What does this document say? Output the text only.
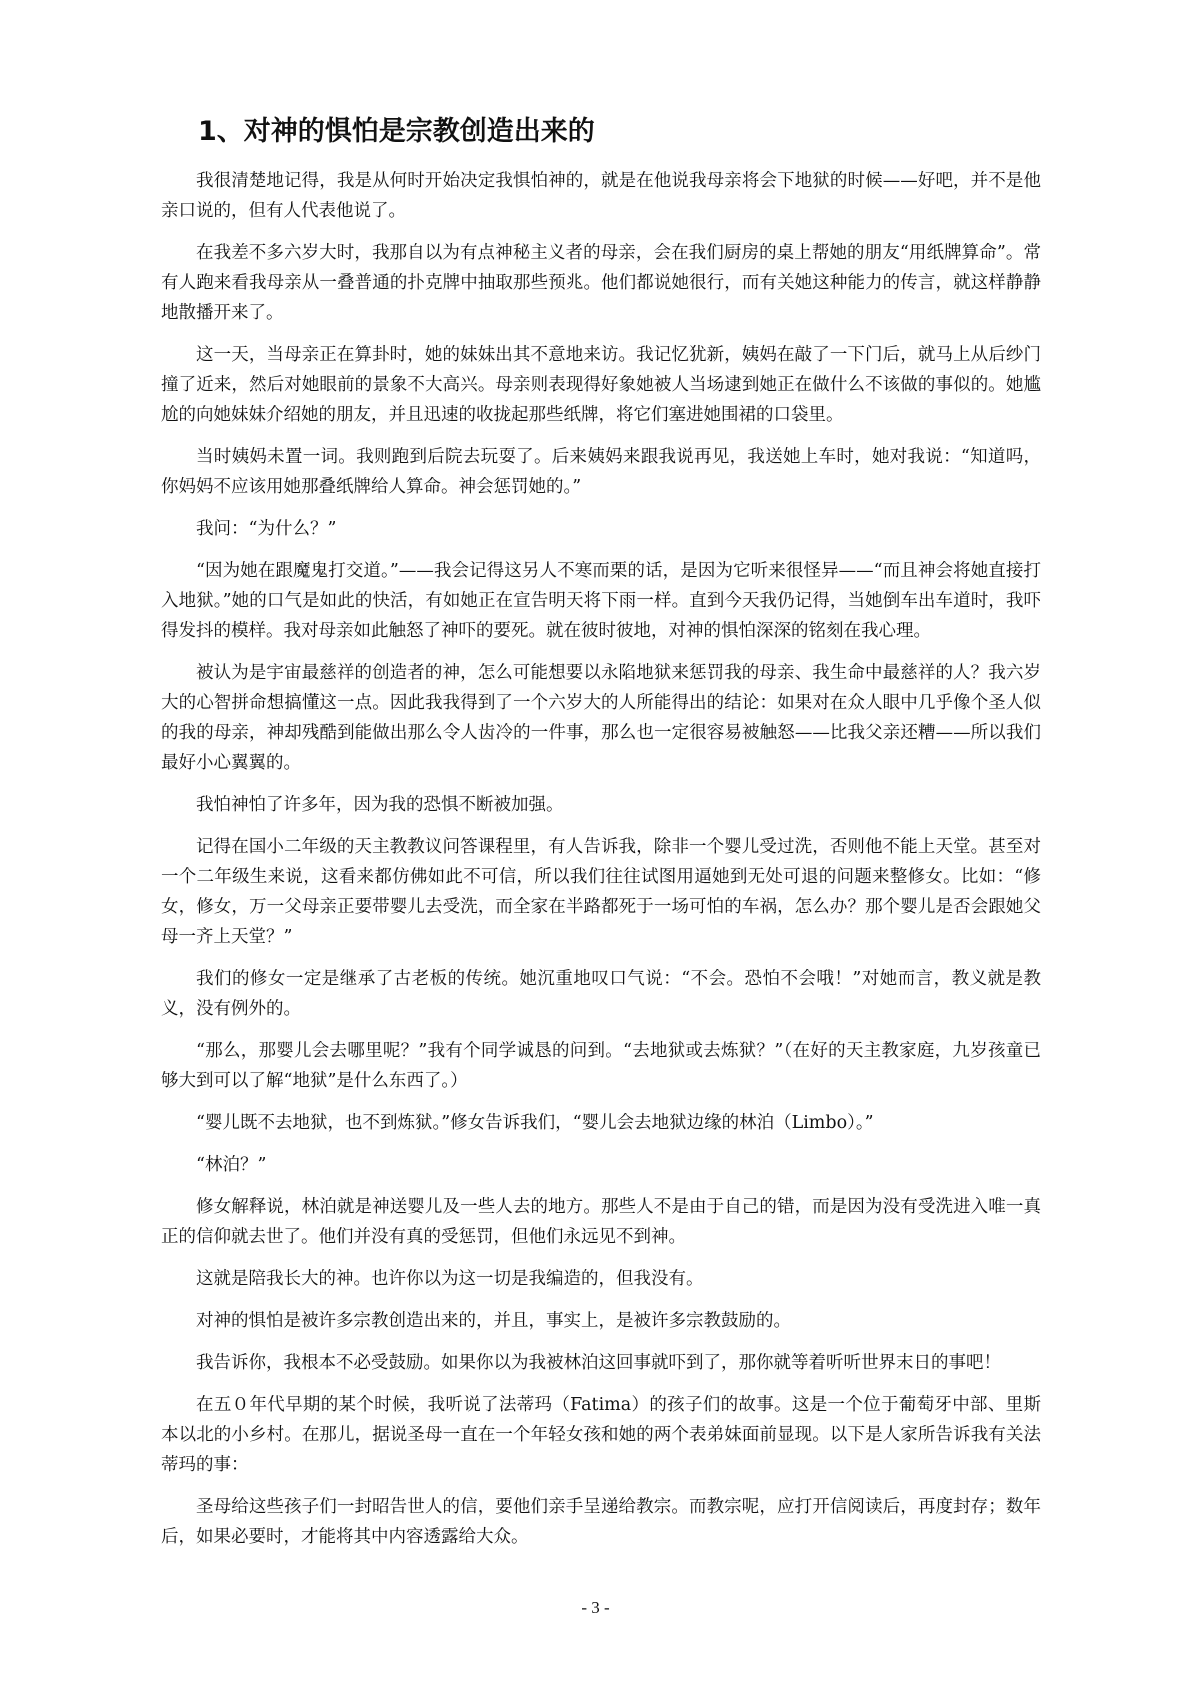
1、对神的惧怕是宗教创造出来的

我很清楚地记得，我是从何时开始决定我惧怕神的，就是在他说我母亲将会下地狱的时候——好吧，并不是他亲口说的，但有人代表他说了。

在我差不多六岁大时，我那自以为有点神秘主义者的母亲，会在我们厨房的桌上帮她的朋友“用纸牌算命”。常有人跑来看我母亲从一叠普通的扑克牌中抽取那些预兆。他们都说她很行，而有关她这种能力的传言，就这样静静地散播开来了。

这一天，当母亲正在算卦时，她的妹妹出其不意地来访。我记忆犹新，姨妈在敲了一下门后，就马上从后纱门撞了近来，然后对她眼前的景象不大高兴。母亲则表现得好象她被人当场逮到她正在做什么不该做的事似的。她尴尬的向她妹妹介绍她的朋友，并且迅速的收拢起那些纸牌，将它们塞进她围裙的口袋里。

当时姨妈未置一词。我则跑到后院去玩耍了。后来姨妈来跟我说再见，我送她上车时，她对我说：“知道吗，你妈妈不应该用她那叠纸牌给人算命。神会惩罚她的。”

我问：“为什么？”

“因为她在跟魔鬼打交道。”——我会记得这另人不寒而栗的话，是因为它听来很怪异——“而且神会将她直接打入地狱。”她的口气是如此的快活，有如她正在宣告明天将下雨一样。直到今天我仍记得，当她倒车出车道时，我吓得发抖的模样。我对母亲如此触怒了神吓的要死。就在彼时彼地，对神的惧怕深深的铭刻在我心理。

被认为是宇宙最慈祥的创造者的神，怎么可能想要以永陷地狱来惩罚我的母亲、我生命中最慈祥的人？我六岁大的心智拼命想搞懂这一点。因此我我得到了一个六岁大的人所能得出的结论：如果对在众人眼中几乎像个圣人似的我的母亲，神却残酷到能做出那么令人齿冷的一件事，那么也一定很容易被触怒——比我父亲还糟——所以我们最好小心翼翼的。

我怕神怕了许多年，因为我的恐惧不断被加强。

记得在国小二年级的天主教教议问答课程里，有人告诉我，除非一个婴儿受过洗，否则他不能上天堂。甚至对一个二年级生来说，这看来都仿佛如此不可信，所以我们往往试图用逼她到无处可退的问题来整修女。比如：“修女，修女，万一父母亲正要带婴儿去受洗，而全家在半路都死于一场可怕的车祸，怎么办？那个婴儿是否会跟她父母一齐上天堂？”

我们的修女一定是继承了古老板的传统。她沉重地叹口气说：“不会。恐怕不会哦！”对她而言，教义就是教义，没有例外的。

“那么，那婴儿会去哪里呢？”我有个同学诚恳的问到。“去地狱或去炼狱？”（在好的天主教家庭，九岁孩童已够大到可以了解“地狱”是什么东西了。）

“婴儿既不去地狱，也不到炼狱。”修女告诉我们，“婴儿会去地狱边缘的林泊（Limbo）。”

“林泊？”

修女解释说，林泊就是神送婴儿及一些人去的地方。那些人不是由于自己的错，而是因为没有受洗进入唯一真正的信仰就去世了。他们并没有真的受惩罚，但他们永远见不到神。

这就是陪我长大的神。也许你以为这一切是我编造的，但我没有。

对神的惧怕是被许多宗教创造出来的，并且，事实上，是被许多宗教鼓励的。

我告诉你，我根本不必受鼓励。如果你以为我被林泊这回事就吓到了，那你就等着听听世界末日的事吧！

在五０年代早期的某个时候，我听说了法蒂玛（Fatima）的孩子们的故事。这是一个位于葡萄牙中部、里斯本以北的小乡村。在那儿，据说圣母一直在一个年轻女孩和她的两个表弟妹面前显现。以下是人家所告诉我有关法蒂玛的事：

圣母给这些孩子们一封昭告世人的信，要他们亲手呈递给教宗。而教宗呢，应打开信阅读后，再度封存；数年后，如果必要时，才能将其中内容透露给大众。

- 3 -
